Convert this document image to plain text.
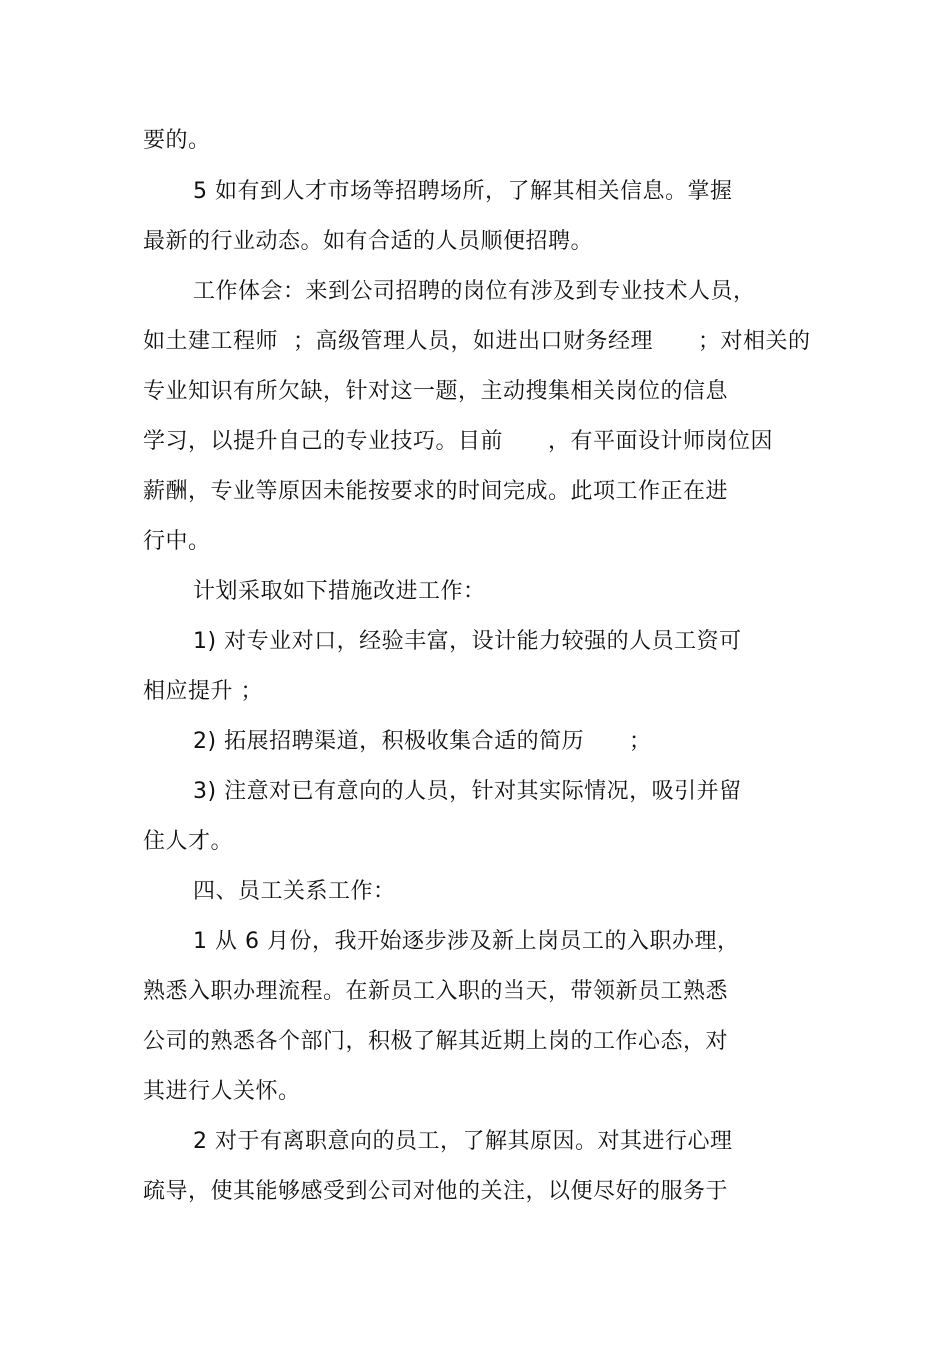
要的。
5 如有到人才市场等招聘场所，了解其相关信息。掌握
最新的行业动态。如有合适的人员顺便招聘。
工作体会：来到公司招聘的岗位有涉及到专业技术人员，
如土建工程师  ；高级管理人员，如进出口财务经理      ；对相关的
专业知识有所欠缺，针对这一题，主动搜集相关岗位的信息
学习，以提升自己的专业技巧。目前      ，有平面设计师岗位因
薪酬，专业等原因未能按要求的时间完成。此项工作正在进
行中。
计划采取如下措施改进工作：
1) 对专业对口，经验丰富，设计能力较强的人员工资可
相应提升 ；
2) 拓展招聘渠道，积极收集合适的简历      ；
3) 注意对已有意向的人员，针对其实际情况，吸引并留
住人才。
四、员工关系工作：
1 从 6 月份，我开始逐步涉及新上岗员工的入职办理，
熟悉入职办理流程。在新员工入职的当天，带领新员工熟悉
公司的熟悉各个部门，积极了解其近期上岗的工作心态，对
其进行人关怀。
2 对于有离职意向的员工，了解其原因。对其进行心理
疏导，使其能够感受到公司对他的关注，以便尽好的服务于
